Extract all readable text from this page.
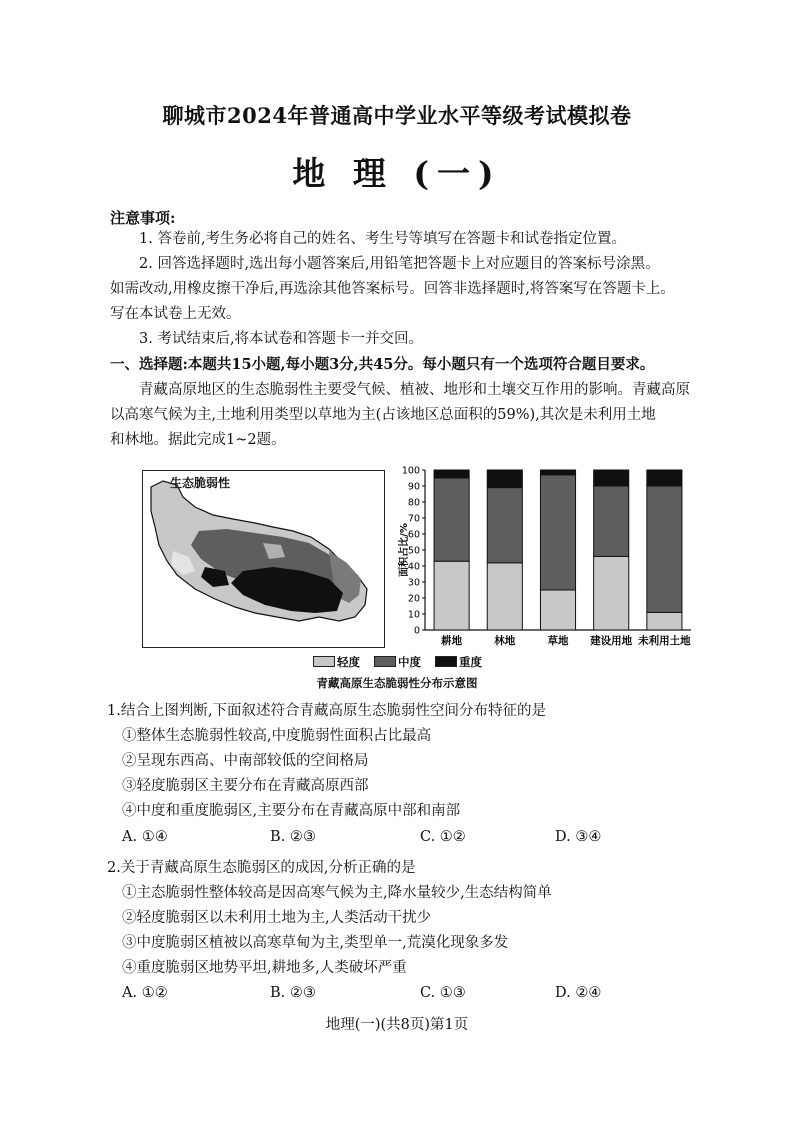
聊城市2024年普通高中学业水平等级考试模拟卷
地 理 (一)
注意事项:
1. 答卷前,考生务必将自己的姓名、考生号等填写在答题卡和试卷指定位置。
2. 回答选择题时,选出每小题答案后,用铅笔把答题卡上对应题目的答案标号涂黑。
如需改动,用橡皮擦干净后,再选涂其他答案标号。回答非选择题时,将答案写在答题卡上。
写在本试卷上无效。
3. 考试结束后,将本试卷和答题卡一并交回。
一、选择题:本题共15小题,每小题3分,共45分。每小题只有一个选项符合题目要求。
青藏高原地区的生态脆弱性主要受气候、植被、地形和土壤交互作用的影响。青藏高原
以高寒气候为主,土地利用类型以草地为主(占该地区总面积的59%),其次是未利用土地
和林地。据此完成1~2题。
生态脆弱性
0
10
20
30
40
50
60
70
80
90
100
耕地	林地	草地 建设用地 未利用土地
面积占比/%
轻度	中度	重度
青藏高原生态脆弱性分布示意图
1.结合上图判断,下面叙述符合青藏高原生态脆弱性空间分布特征的是
①整体生态脆弱性较高,中度脆弱性面积占比最高
②呈现东西高、中南部较低的空间格局
③轻度脆弱区主要分布在青藏高原西部
④中度和重度脆弱区,主要分布在青藏高原中部和南部
A. ①④	B. ②③	C. ①②	D. ③④
2.关于青藏高原生态脆弱区的成因,分析正确的是
①主态脆弱性整体较高是因高寒气候为主,降水量较少,生态结构简单
②轻度脆弱区以未利用土地为主,人类活动干扰少
③中度脆弱区植被以高寒草甸为主,类型单一,荒漠化现象多发
④重度脆弱区地势平坦,耕地多,人类破坏严重
A. ①②	B. ②③	C. ①③	D. ②④
地理(一)(共8页)第1页
